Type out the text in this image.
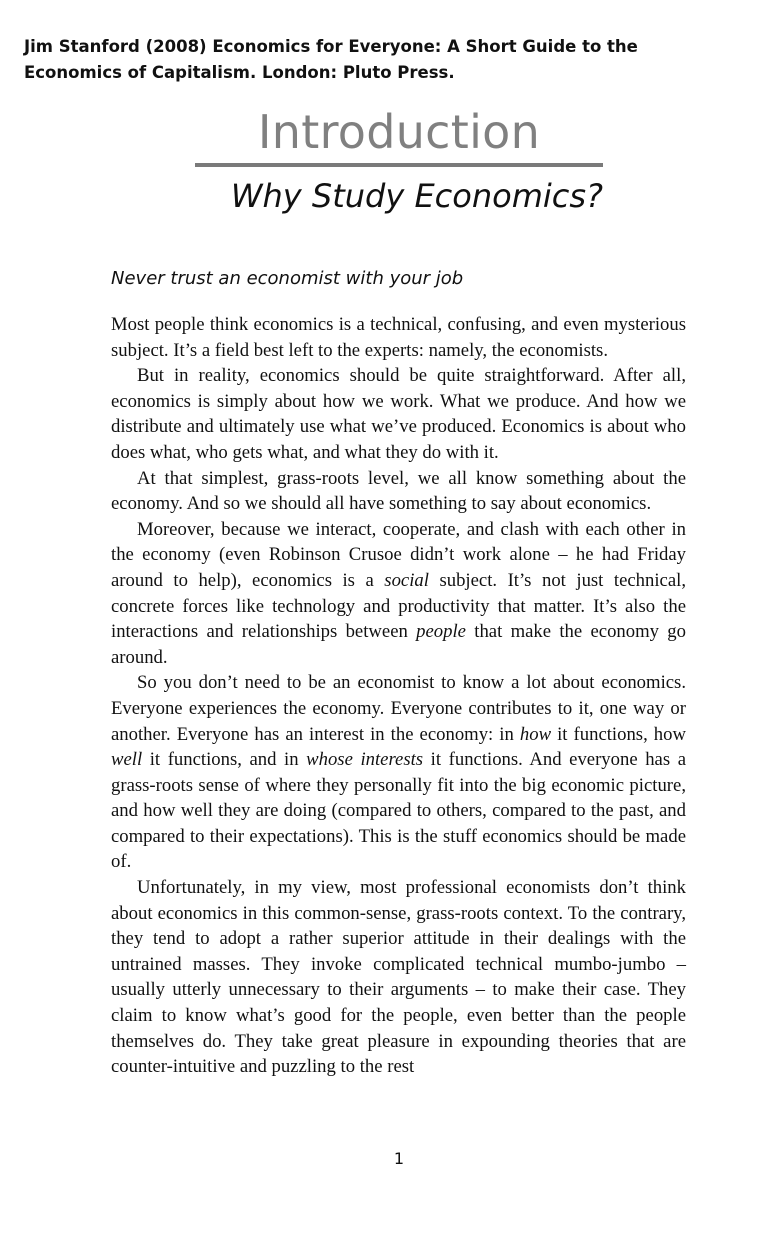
Jim Stanford (2008) Economics for Everyone: A Short Guide to the
Economics of Capitalism. London: Pluto Press.
Introduction
Why Study Economics?
Never trust an economist with your job

Most people think economics is a technical, confusing, and even mysterious subject. It’s a field best left to the experts: namely, the economists.

But in reality, economics should be quite straightforward. After all, economics is simply about how we work. What we produce. And how we distribute and ultimately use what we’ve produced. Economics is about who does what, who gets what, and what they do with it.

At that simplest, grass-roots level, we all know something about the economy. And so we should all have something to say about economics.

Moreover, because we interact, cooperate, and clash with each other in the economy (even Robinson Crusoe didn’t work alone – he had Friday around to help), economics is a social subject. It’s not just technical, concrete forces like technology and productivity that matter. It’s also the interactions and relationships between people that make the economy go around.

So you don’t need to be an economist to know a lot about economics. Everyone experiences the economy. Everyone contributes to it, one way or another. Everyone has an interest in the economy: in how it functions, how well it functions, and in whose interests it functions. And everyone has a grass-roots sense of where they personally fit into the big economic picture, and how well they are doing (compared to others, compared to the past, and compared to their expectations). This is the stuff economics should be made of.

Unfortunately, in my view, most professional economists don’t think about economics in this common-sense, grass-roots context. To the contrary, they tend to adopt a rather superior attitude in their dealings with the untrained masses. They invoke complicated technical mumbo-jumbo – usually utterly unnecessary to their arguments – to make their case. They claim to know what’s good for the people, even better than the people themselves do. They take great pleasure in expounding theories that are counter-intuitive and puzzling to the rest

1
